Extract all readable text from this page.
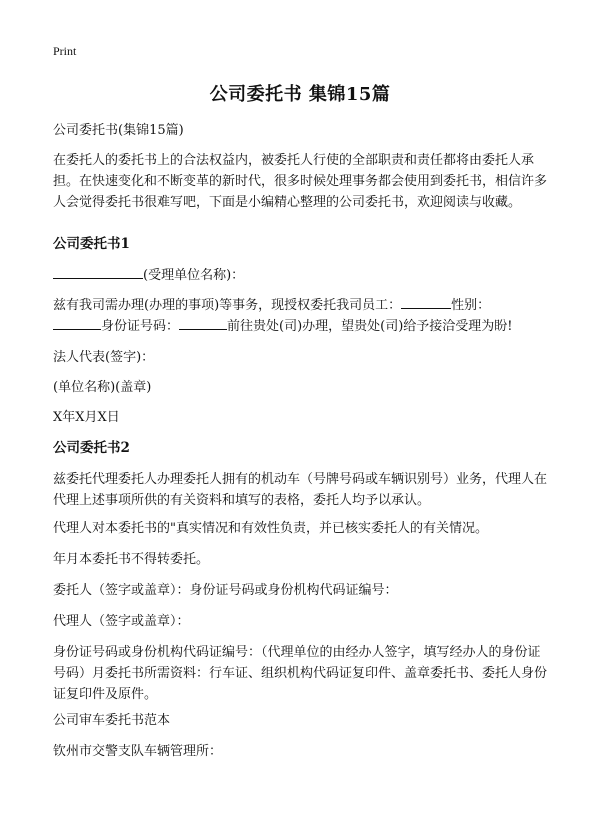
Print
公司委托书 集锦15篇
公司委托书(集锦15篇)
在委托人的委托书上的合法权益内，被委托人行使的全部职责和责任都将由委托人承担。在快速变化和不断变革的新时代，很多时候处理事务都会使用到委托书，相信许多人会觉得委托书很难写吧，下面是小编精心整理的公司委托书，欢迎阅读与收藏。
公司委托书1
(受理单位名称)：
兹有我司需办理(办理的事项)等事务，现授权委托我司员工：	性别：
身份证号码：	前往贵处(司)办理，望贵处(司)给予接洽受理为盼!
法人代表(签字)：
(单位名称)(盖章)
X年X月X日
公司委托书2
兹委托代理委托人办理委托人拥有的机动车（号牌号码或车辆识别号）业务，代理人在代理上述事项所供的有关资料和填写的表格，委托人均予以承认。
代理人对本委托书的"真实情况和有效性负责，并已核实委托人的有关情况。
年月本委托书不得转委托。
委托人（签字或盖章）：身份证号码或身份机构代码证编号：
代理人（签字或盖章）：
身份证号码或身份机构代码证编号：（代理单位的由经办人签字，填写经办人的身份证号码）月委托书所需资料：行车证、组织机构代码证复印件、盖章委托书、委托人身份证复印件及原件。
公司审车委托书范本
钦州市交警支队车辆管理所：
